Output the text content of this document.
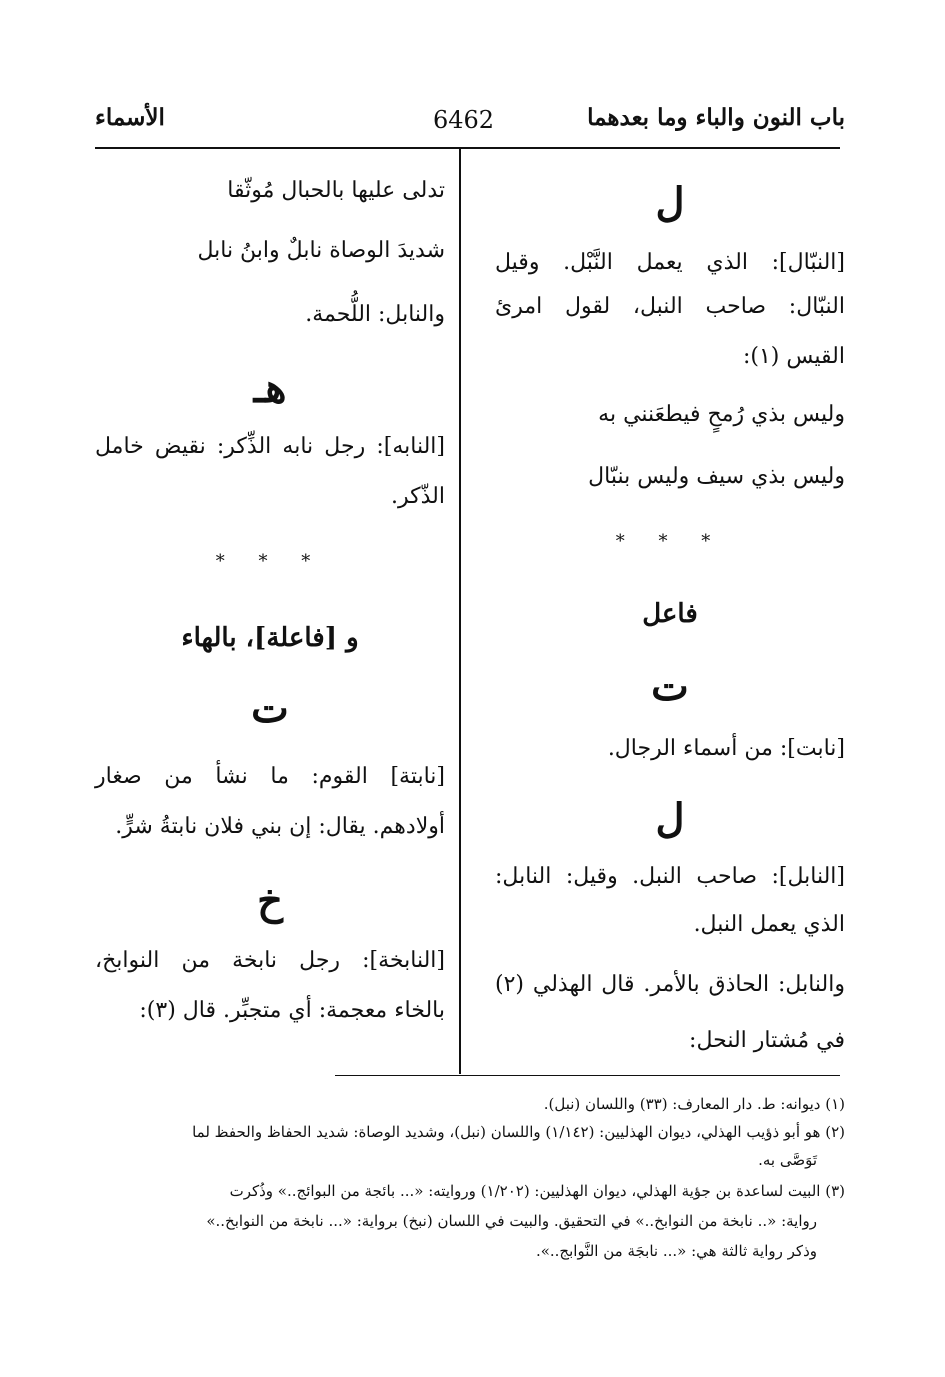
باب النون والباء وما بعدهما
6462
الأسماء
ل
[النبّال]: الذي يعمل النَّبْل. وقيل
النبّال: صاحب النبل، لقول امرئ
القيس (١):
وليس بذي رُمحٍ فيطعَنني به
وليس بذي سيف وليس بنبّال
* * *
فاعل
ت
[نابت]: من أسماء الرجال.
ل
[النابل]: صاحب النبل. وقيل: النابل:
الذي يعمل النبل.
والنابل: الحاذق بالأمر. قال الهذلي (٢)
في مُشتار النحل:
تدلى عليها بالحبال مُوثّقا
شديدَ الوصاة نابلٌ وابنُ نابل
والنابل: اللُّحمة.
هـ
[النابه]: رجل نابه الذِّكر: نقيض خامل
الذّكر.
* * *
و [فاعلة]، بالهاء
ت
[نابتة] القوم: ما نشأ من صغار
أولادهم. يقال: إن بني فلان نابتةُ شرٍّ.
خ
[النابخة]: رجل نابخة من النوابخ،
بالخاء معجمة: أي متجبِّر. قال (٣):
(١) ديوانه: ط. دار المعارف: (٣٣) واللسان (نبل).
(٢) هو أبو ذؤيب الهذلي، ديوان الهذليين: (١/١٤٢) واللسان (نبل)، وشديد الوصاة: شديد الحفاظ والحفظ لما
تَوَصَّى به.
(٣) البيت لساعدة بن جؤية الهذلي، ديوان الهذليين: (١/٢٠٢) وروايته: «... بائجة من البوائج..» وذُكرت
رواية: «.. نابخة من النوابخ..» في التحقيق. والبيت في اللسان (نبخ) برواية: «... نابخة من النوابخ..»
وذكر رواية ثالثة هي: «... نابجَة من النَّوابج..».
